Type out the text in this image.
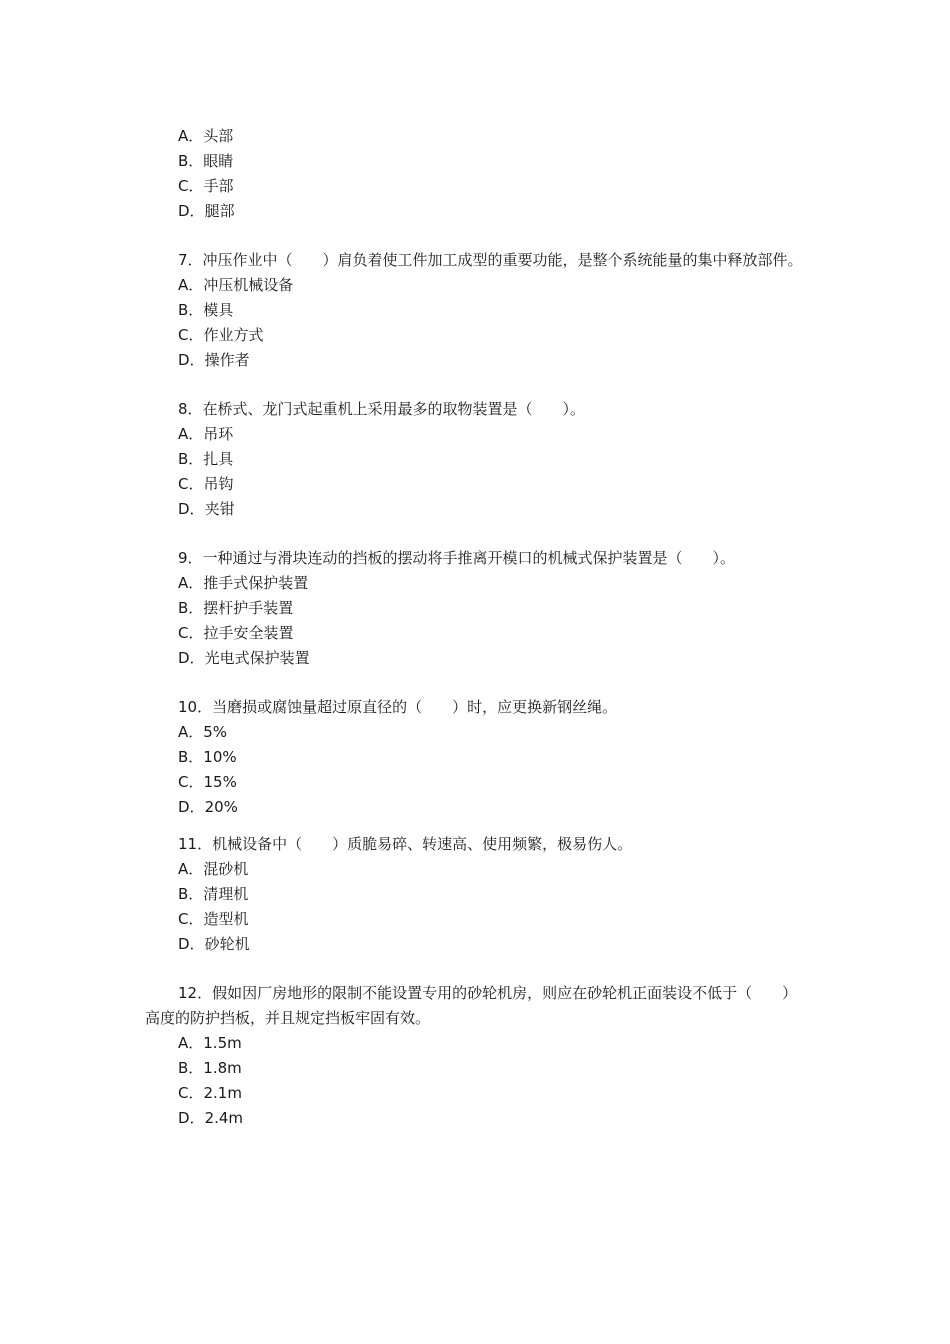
A．头部
B．眼睛
C．手部
D．腿部
7．冲压作业中（　　）肩负着使工件加工成型的重要功能，是整个系统能量的集中释放部件。
A．冲压机械设备
B．模具
C．作业方式
D．操作者
8．在桥式、龙门式起重机上采用最多的取物装置是（　　）。
A．吊环
B．扎具
C．吊钩
D．夹钳
9．一种通过与滑块连动的挡板的摆动将手推离开模口的机械式保护装置是（　　）。
A．推手式保护装置
B．摆杆护手装置
C．拉手安全装置
D．光电式保护装置
10．当磨损或腐蚀量超过原直径的（　　）时，应更换新钢丝绳。
A．5%
B．10%
C．15%
D．20%
11．机械设备中（　　）质脆易碎、转速高、使用频繁，极易伤人。
A．混砂机
B．清理机
C．造型机
D．砂轮机
12．假如因厂房地形的限制不能设置专用的砂轮机房，则应在砂轮机正面装设不低于（　　）高度的防护挡板，并且规定挡板牢固有效。
A．1.5m
B．1.8m
C．2.1m
D．2.4m
